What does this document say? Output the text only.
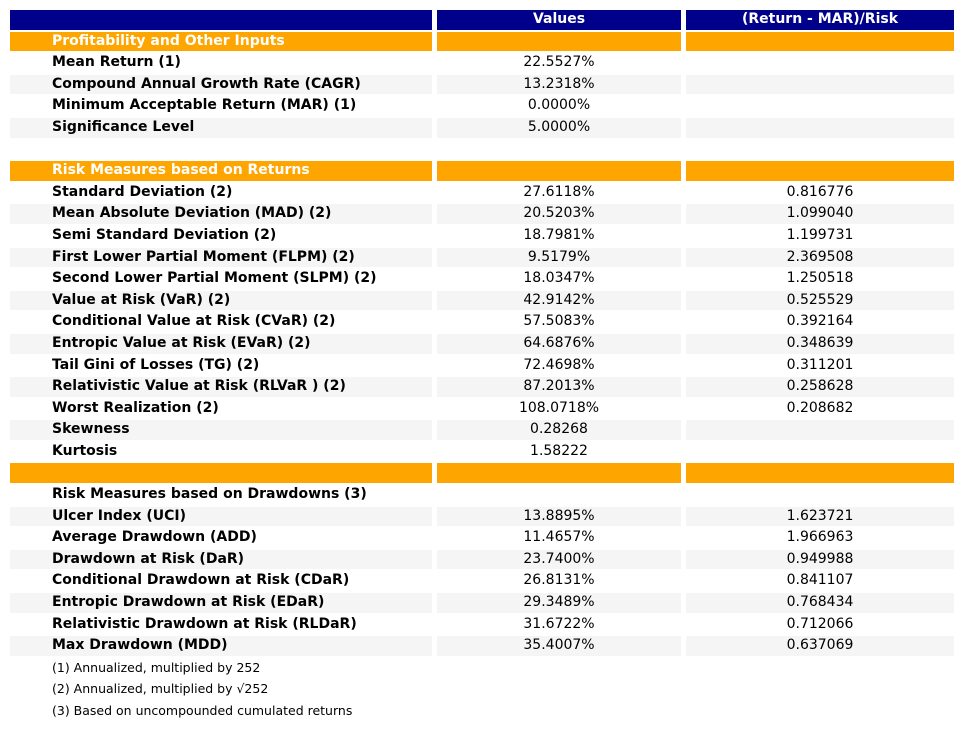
	Values	(Return - MAR)/Risk
Profitability and Other Inputs		
Mean Return (1)	22.5527%	
Compound Annual Growth Rate (CAGR)	13.2318%	
Minimum Acceptable Return (MAR) (1)	0.0000%	
Significance Level	5.0000%	

Risk Measures based on Returns		
Standard Deviation (2)	27.6118%	0.816776
Mean Absolute Deviation (MAD) (2)	20.5203%	1.099040
Semi Standard Deviation (2)	18.7981%	1.199731
First Lower Partial Moment (FLPM) (2)	9.5179%	2.369508
Second Lower Partial Moment (SLPM) (2)	18.0347%	1.250518
Value at Risk (VaR) (2)	42.9142%	0.525529
Conditional Value at Risk (CVaR) (2)	57.5083%	0.392164
Entropic Value at Risk (EVaR) (2)	64.6876%	0.348639
Tail Gini of Losses (TG) (2)	72.4698%	0.311201
Relativistic Value at Risk (RLVaR ) (2)	87.2013%	0.258628
Worst Realization (2)	108.0718%	0.208682
Skewness	0.28268	
Kurtosis	1.58222	

Risk Measures based on Drawdowns (3)		
Ulcer Index (UCI)	13.8895%	1.623721
Average Drawdown (ADD)	11.4657%	1.966963
Drawdown at Risk (DaR)	23.7400%	0.949988
Conditional Drawdown at Risk (CDaR)	26.8131%	0.841107
Entropic Drawdown at Risk (EDaR)	29.3489%	0.768434
Relativistic Drawdown at Risk (RLDaR)	31.6722%	0.712066
Max Drawdown (MDD)	35.4007%	0.637069
(1) Annualized, multiplied by 252		
(2) Annualized, multiplied by √252		
(3) Based on uncompounded cumulated returns		
